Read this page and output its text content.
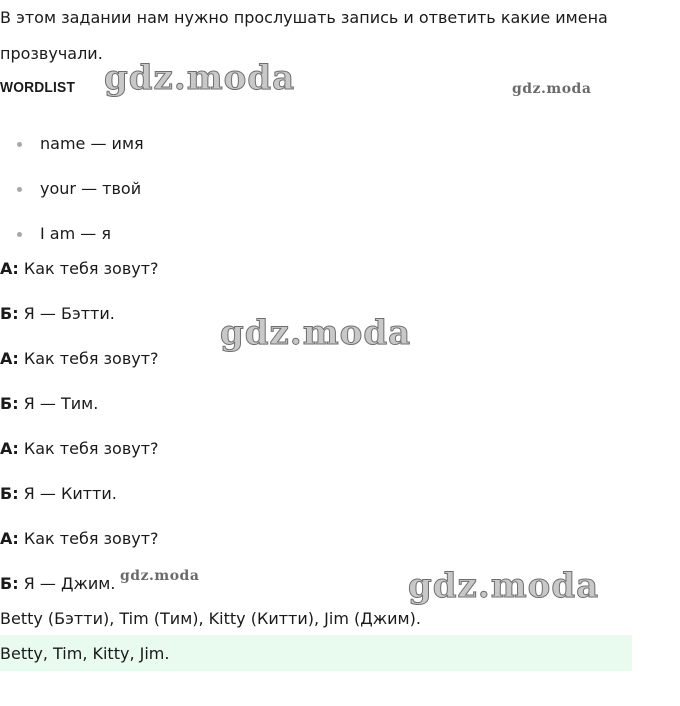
В этом задании нам нужно прослушать запись и ответить какие имена
прозвучали.
WORDLIST
name — имя
your — твой
I am — я
А: Как тебя зовут?
Б: Я — Бэтти.
А: Как тебя зовут?
Б: Я — Тим.
А: Как тебя зовут?
Б: Я — Китти.
А: Как тебя зовут?
Б: Я — Джим.
Betty (Бэтти), Tim (Тим), Kitty (Китти), Jim (Джим).
Betty, Tim, Kitty, Jim.
gdz.moda	gdz.moda
gdz.moda
gdz.moda	gdz.moda
